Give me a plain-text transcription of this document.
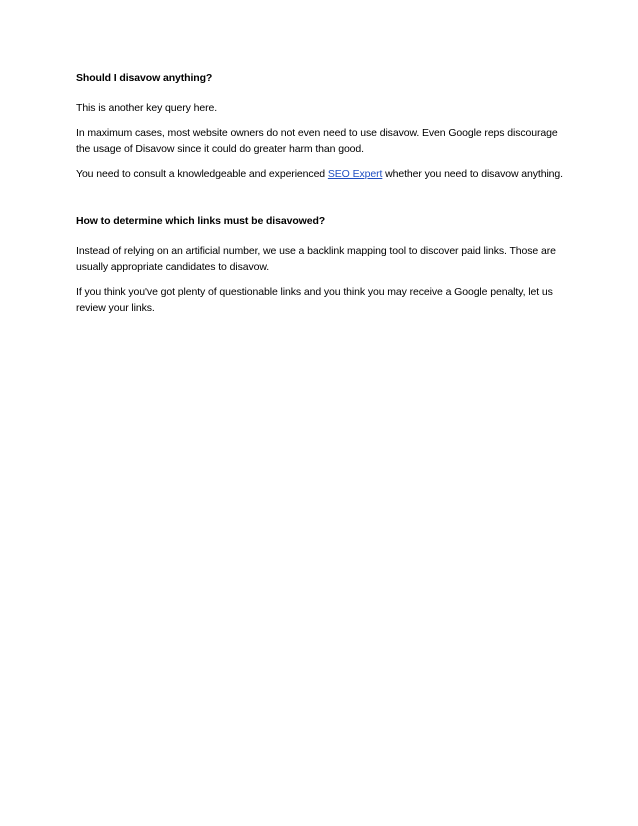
Should I disavow anything?

This is another key query here.

In maximum cases, most website owners do not even need to use disavow. Even Google reps discourage the usage of Disavow since it could do greater harm than good.

You need to consult a knowledgeable and experienced SEO Expert whether you need to disavow anything.

How to determine which links must be disavowed?

Instead of relying on an artificial number, we use a backlink mapping tool to discover paid links. Those are usually appropriate candidates to disavow.

If you think you've got plenty of questionable links and you think you may receive a Google penalty, let us review your links.
